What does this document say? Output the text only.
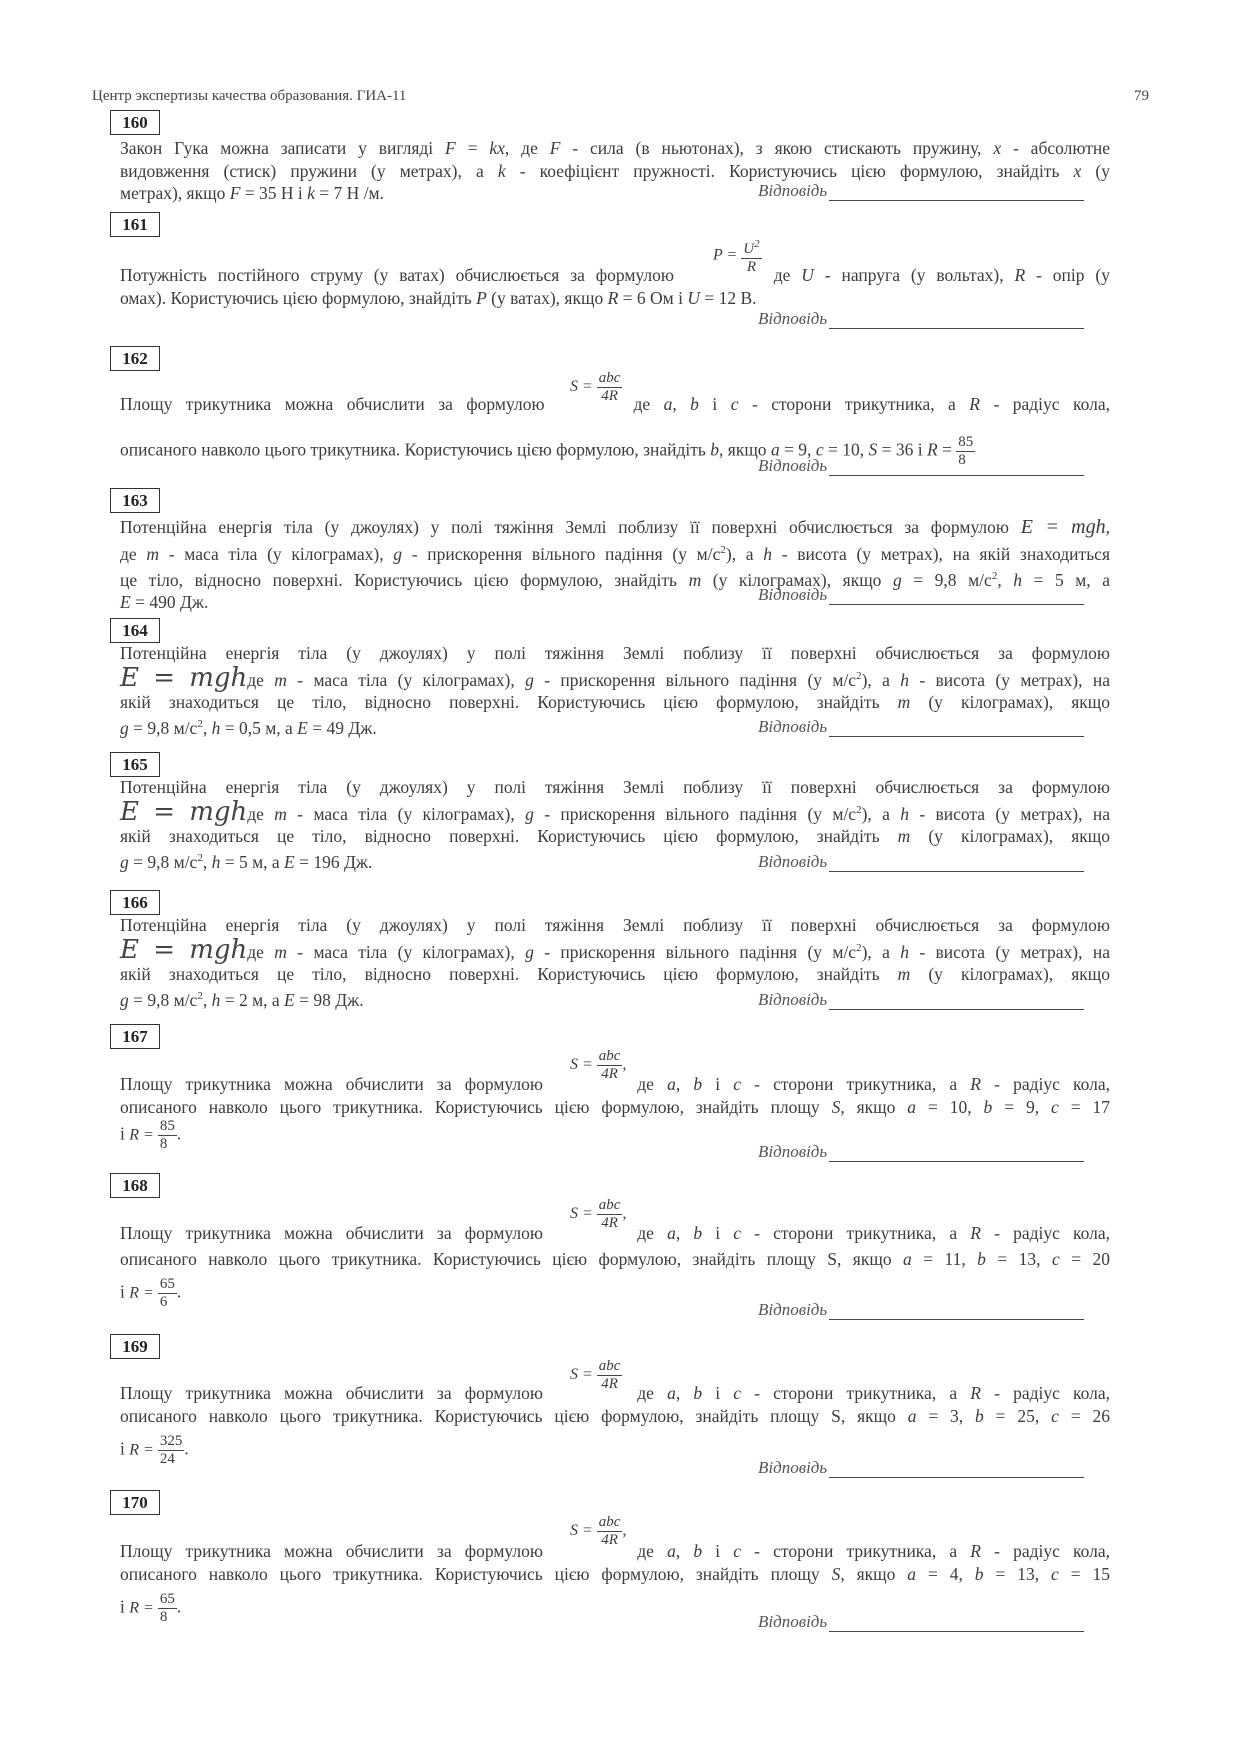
Центр экспертизы качества образования. ГИА-11	79
160
Закон Гука можна записати у вигляді F = kx, де F - сила (в ньютонах), з якою стискають пружину, x - абсолютне
видовження (стиск) пружини (у метрах), а k - коефіцієнт пружності. Користуючись цією формулою, знайдіть x (у
метрах), якщо F = 35 Н і k = 7 Н /м.	Відповідь
161
$P = \frac{U^2}{R}$
Потужність постійного струму (у ватах) обчислюється за формулою	де U - напруга (у вольтах), R - опір (у
омах). Користуючись цією формулою, знайдіть P (у ватах), якщо R = 6 Ом і U = 12 В.
Відповідь
162
$S = \frac{\text{abc}}{4R}$
Площу трикутника можна обчислити за формулою	де a, b і c - сторони трикутника, а R - радіус кола,
описаного навколо цього трикутника. Користуючись цією формулою, знайдіть b, якщо a = 9, c = 10, S = 36 і $R = \frac{85}{8}$
Відповідь
163
Потенційна енергія тіла (у джоулях) у полі тяжіння Землі поблизу її поверхні обчислюється за формулою E = mgh,
де m - маса тіла (у кілограмах), g - прискорення вільного падіння (у $м/с^2$), а h - висота (у метрах), на якій знаходиться
це тіло, відносно поверхні. Користуючись цією формулою, знайдіть m (у кілограмах), якщо g = 9,8 $м/с^2$, h = 5 м, а
E = 490 Дж.	Відповідь
164
Потенційна енергія тіла (у джоулях) у полі тяжіння Землі поблизу її поверхні обчислюється за формулою
E = mghде m - маса тіла (у кілограмах), g - прискорення вільного падіння (у $м/с^2$), а h - висота (у метрах), на
якій знаходиться це тіло, відносно поверхні. Користуючись цією формулою, знайдіть m (у кілограмах), якщо
g = 9,8 $м/с^2$, h = 0,5 м, а E = 49 Дж.	Відповідь
165
Потенційна енергія тіла (у джоулях) у полі тяжіння Землі поблизу її поверхні обчислюється за формулою
E = mghде m - маса тіла (у кілограмах), g - прискорення вільного падіння (у $м/с^2$), а h - висота (у метрах), на
якій знаходиться це тіло, відносно поверхні. Користуючись цією формулою, знайдіть m (у кілограмах), якщо
g = 9,8 $м/с^2$, h = 5 м, а E = 196 Дж.	Відповідь
166
Потенційна енергія тіла (у джоулях) у полі тяжіння Землі поблизу її поверхні обчислюється за формулою
E = mghде m - маса тіла (у кілограмах), g - прискорення вільного падіння (у $м/с^2$), а h - висота (у метрах), на
якій знаходиться це тіло, відносно поверхні. Користуючись цією формулою, знайдіть m (у кілограмах), якщо
g = 9,8 $м/с^2$, h = 2 м, а E = 98 Дж.	Відповідь
167
$S = \frac{\text{abc}}{4R}$ ,
Площу трикутника можна обчислити за формулою	де a, b і c - сторони трикутника, а R - радіус кола,
описаного навколо цього трикутника. Користуючись цією формулою, знайдіть площу S, якщо a = 10, b = 9, c = 17
і $R = \frac{85}{8}$ .
Відповідь
168
$S = \frac{\text{abc}}{4R}$ ,
Площу трикутника можна обчислити за формулою	де a, b і c - сторони трикутника, а R - радіус кола,
описаного навколо цього трикутника. Користуючись цією формулою, знайдіть площу S, якщо a = 11, b = 13, c = 20
і $R = \frac{65}{6}$ .
Відповідь
169
$S = \frac{\text{abc}}{4R}$
Площу трикутника можна обчислити за формулою	де a, b і c - сторони трикутника, а R - радіус кола,
описаного навколо цього трикутника. Користуючись цією формулою, знайдіть площу S, якщо a = 3, b = 25, c = 26
і $R = \frac{325}{24}$ .
Відповідь
170
$S = \frac{\text{abc}}{4R}$ ,
Площу трикутника можна обчислити за формулою	де a, b і c - сторони трикутника, а R - радіус кола,
описаного навколо цього трикутника. Користуючись цією формулою, знайдіть площу S, якщо a = 4, b = 13, c = 15
і $R = \frac{65}{8}$ .
Відповідь
